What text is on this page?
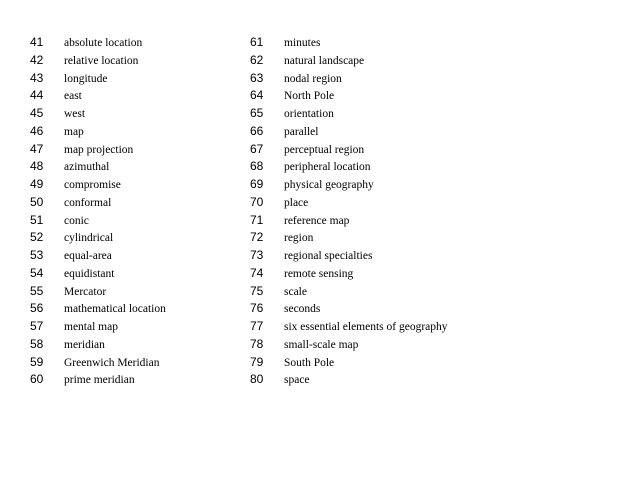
41	absolute location
42	relative location
43	longitude
44	east
45	west
46	map
47	map projection
48	azimuthal
49	compromise
50	conformal
51	conic
52	cylindrical
53	equal-area
54	equidistant
55	Mercator
56	mathematical location
57	mental map
58	meridian
59	Greenwich Meridian
60	prime meridian
61	minutes
62	natural landscape
63	nodal region
64	North Pole
65	orientation
66	parallel
67	perceptual region
68	peripheral location
69	physical geography
70	place
71	reference map
72	region
73	regional specialties
74	remote sensing
75	scale
76	seconds
77	six essential elements of geography
78	small-scale map
79	South Pole
80	space
